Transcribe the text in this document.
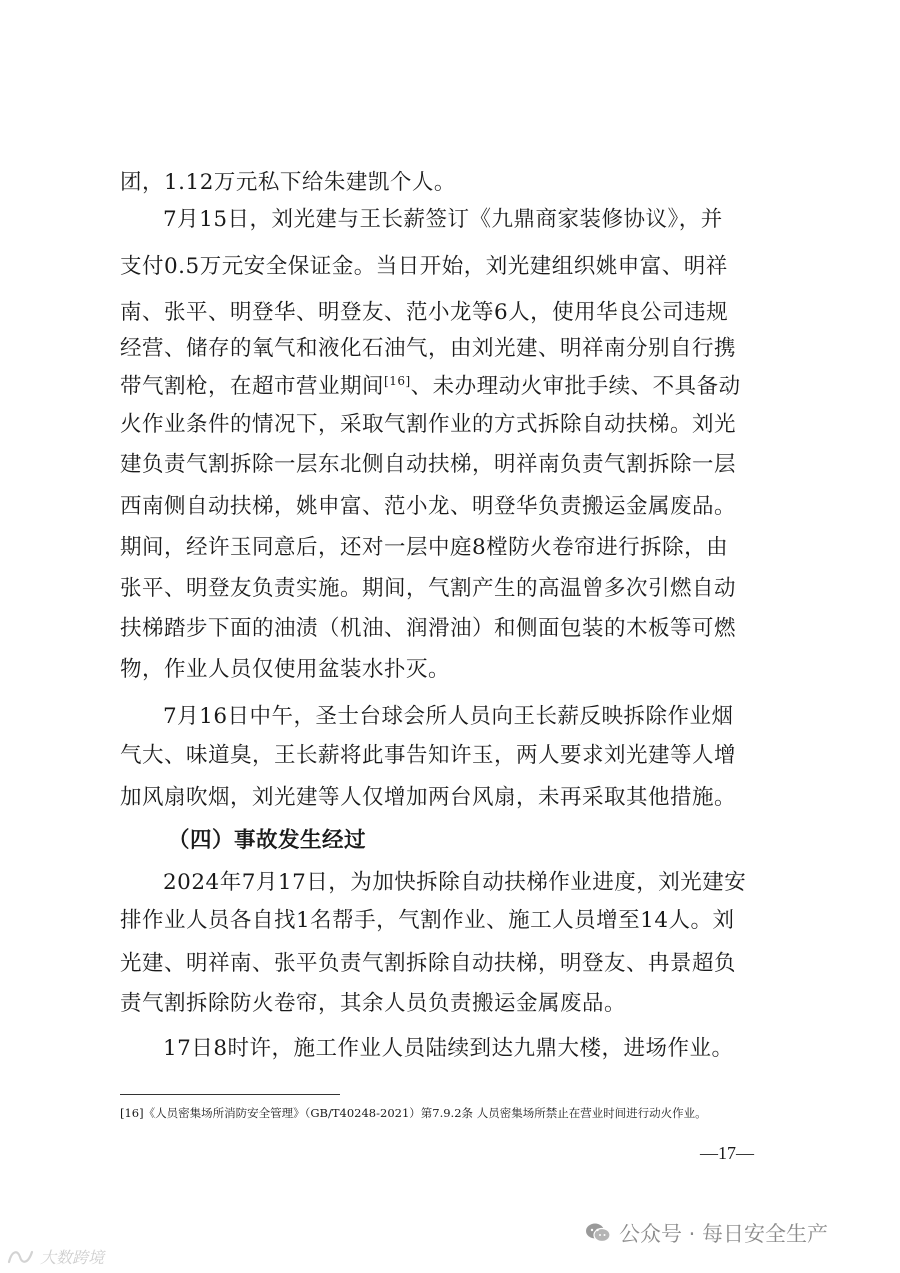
团，1.12万元私下给朱建凯个人。
7月15日，刘光建与王长薪签订《九鼎商家装修协议》，并
支付0.5万元安全保证金。当日开始，刘光建组织姚申富、明祥
南、张平、明登华、明登友、范小龙等6人，使用华良公司违规
经营、储存的氧气和液化石油气，由刘光建、明祥南分别自行携
带气割枪，在超市营业期间[16]、未办理动火审批手续、不具备动
火作业条件的情况下，采取气割作业的方式拆除自动扶梯。刘光
建负责气割拆除一层东北侧自动扶梯，明祥南负责气割拆除一层
西南侧自动扶梯，姚申富、范小龙、明登华负责搬运金属废品。
期间，经许玉同意后，还对一层中庭8樘防火卷帘进行拆除，由
张平、明登友负责实施。期间，气割产生的高温曾多次引燃自动
扶梯踏步下面的油渍（机油、润滑油）和侧面包装的木板等可燃
物，作业人员仅使用盆装水扑灭。
7月16日中午，圣士台球会所人员向王长薪反映拆除作业烟
气大、味道臭，王长薪将此事告知许玉，两人要求刘光建等人增
加风扇吹烟，刘光建等人仅增加两台风扇，未再采取其他措施。
（四）事故发生经过
2024年7月17日，为加快拆除自动扶梯作业进度，刘光建安
排作业人员各自找1名帮手，气割作业、施工人员增至14人。刘
光建、明祥南、张平负责气割拆除自动扶梯，明登友、冉景超负
责气割拆除防火卷帘，其余人员负责搬运金属废品。
17日8时许，施工作业人员陆续到达九鼎大楼，进场作业。
[16]《人员密集场所消防安全管理》（GB/T40248-2021）第7.9.2条 人员密集场所禁止在营业时间进行动火作业。
—17—
公众号 · 每日安全生产
大数跨境
